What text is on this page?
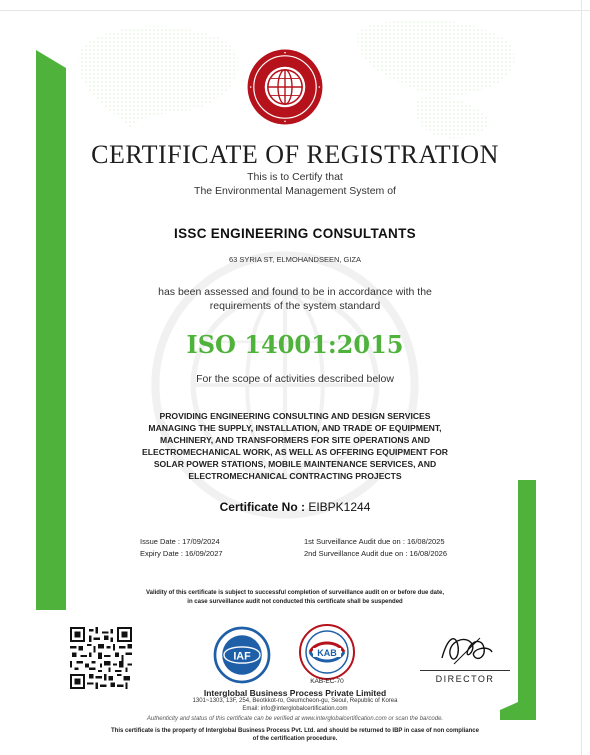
CERTIFICATE OF REGISTRATION
This is to Certify that
The Environmental Management System of
ISSC ENGINEERING CONSULTANTS
63 SYRIA ST, ELMOHANDSEEN, GIZA
has been assessed and found to be in accordance with the
requirements of the system standard
ISO 14001:2015
For the scope of activities described below
PROVIDING ENGINEERING CONSULTING AND DESIGN SERVICES
MANAGING THE SUPPLY, INSTALLATION, AND TRADE OF EQUIPMENT,
MACHINERY, AND TRANSFORMERS FOR SITE OPERATIONS AND
ELECTROMECHANICAL WORK, AS WELL AS OFFERING EQUIPMENT FOR
SOLAR POWER STATIONS, MOBILE MAINTENANCE SERVICES, AND
ELECTROMECHANICAL CONTRACTING PROJECTS
Certificate No : EIBPK1244
Issue Date : 17/09/2024
Expiry Date : 16/09/2027
1st Surveillance Audit due on : 16/08/2025
2nd Surveillance Audit due on : 16/08/2026
Validity of this certificate is subject to successful completion of surveillance audit on or before due date,
in case surveillance audit not conducted this certificate shall be suspended
IAF	KAB
KAB-EC-70	DIRECTOR
Interglobal Business Process Private Limited
1301~1303, 13F, 254, Beotkkot-ro, Geumcheon-gu, Seoul, Republic of Korea
Email: info@interglobalcertification.com
Authenticity and status of this certificate can be verified at www.interglobalcertification.com or scan the barcode.
This certificate is the property of Interglobal Business Process Pvt. Ltd. and should be returned to IBP in case of non compliance
of the certification procedure.
